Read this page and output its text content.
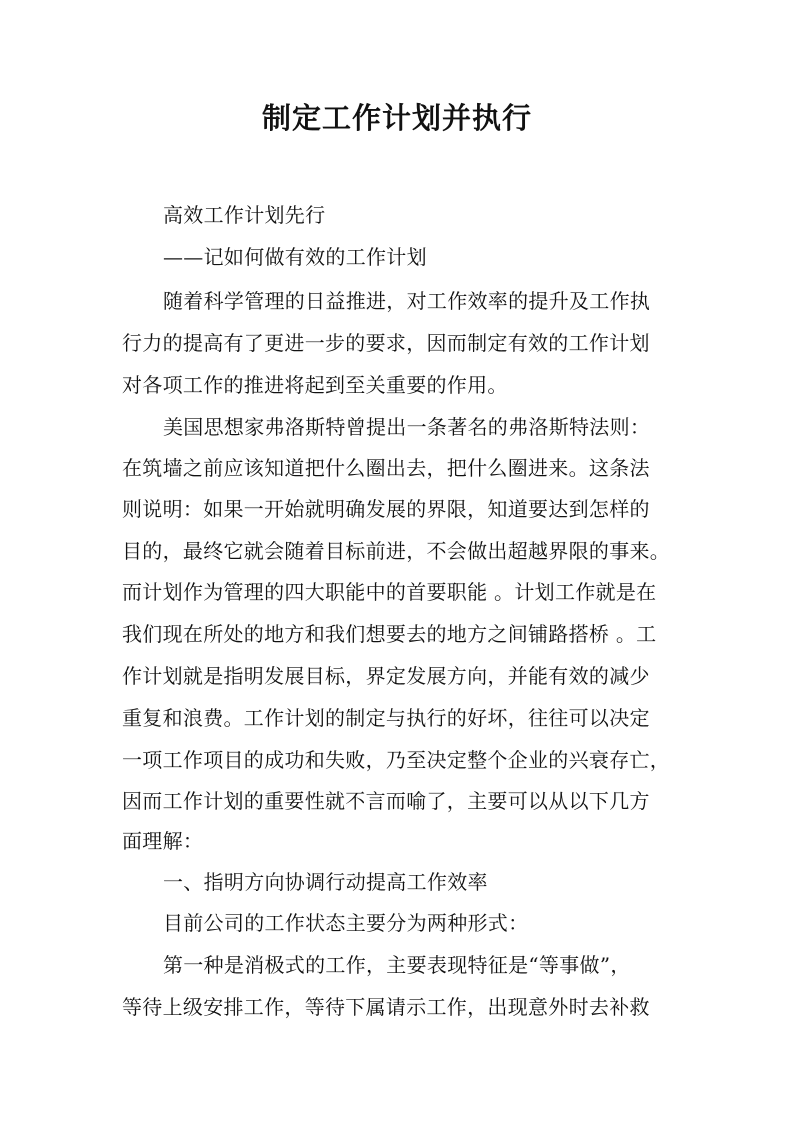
制定工作计划并执行
高效工作计划先行
——记如何做有效的工作计划
随着科学管理的日益推进，对工作效率的提升及工作执
行力的提高有了更进一步的要求，因而制定有效的工作计划
对各项工作的推进将起到至关重要的作用。
美国思想家弗洛斯特曾提出一条著名的弗洛斯特法则：
在筑墙之前应该知道把什么圈出去，把什么圈进来。这条法
则说明：如果一开始就明确发展的界限，知道要达到怎样的
目的，最终它就会随着目标前进，不会做出超越界限的事来。
而计划作为管理的四大职能中的首要职能 。计划工作就是在
我们现在所处的地方和我们想要去的地方之间铺路搭桥 。工
作计划就是指明发展目标，界定发展方向，并能有效的减少
重复和浪费。工作计划的制定与执行的好坏，往往可以决定
一项工作项目的成功和失败，乃至决定整个企业的兴衰存亡，
因而工作计划的重要性就不言而喻了，主要可以从以下几方
面理解：
一、指明方向协调行动提高工作效率
目前公司的工作状态主要分为两种形式：
第一种是消极式的工作，主要表现特征是“等事做”，
等待上级安排工作，等待下属请示工作，出现意外时去补救
